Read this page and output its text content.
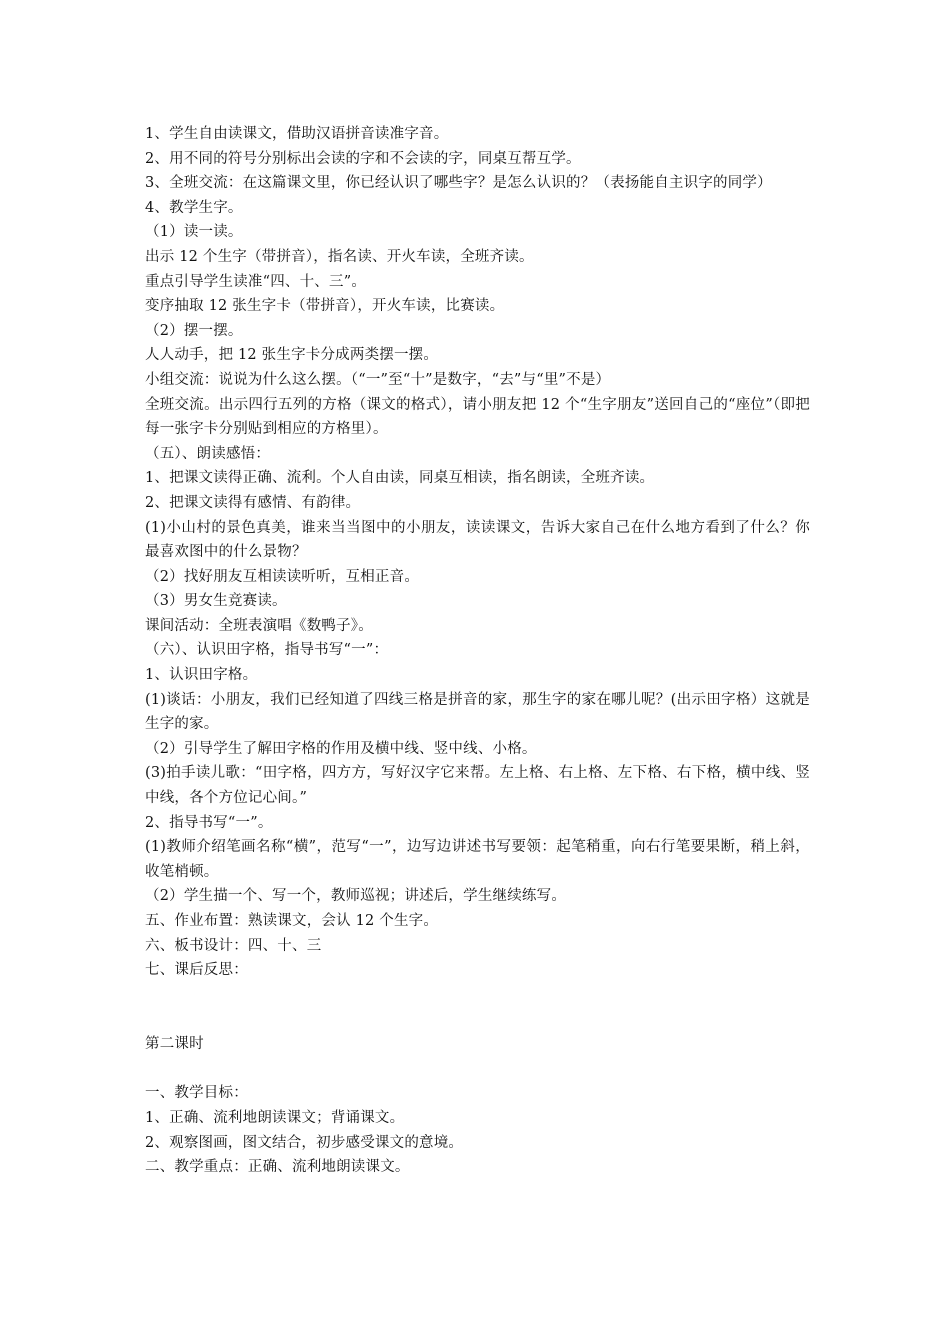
1、学生自由读课文，借助汉语拼音读准字音。

2、用不同的符号分别标出会读的字和不会读的字，同桌互帮互学。

3、全班交流：在这篇课文里，你已经认识了哪些字？是怎么认识的？（表扬能自主识字的同学）

4、教学生字。

（1）读一读。

出示 12 个生字（带拼音），指名读、开火车读，全班齐读。

重点引导学生读准“四、十、三”。

变序抽取 12 张生字卡（带拼音），开火车读，比赛读。

（2）摆一摆。

人人动手，把 12 张生字卡分成两类摆一摆。

小组交流：说说为什么这么摆。（“一”至“十”是数字，“去”与“里”不是）

全班交流。出示四行五列的方格（课文的格式），请小朋友把 12 个“生字朋友”送回自己的“座位”（即把每一张字卡分别贴到相应的方格里）。

（五）、朗读感悟：

1、把课文读得正确、流利。个人自由读，同桌互相读，指名朗读，全班齐读。

2、把课文读得有感情、有韵律。

(1)小山村的景色真美，谁来当当图中的小朋友，读读课文，告诉大家自己在什么地方看到了什么？你最喜欢图中的什么景物？

（2）找好朋友互相读读听听，互相正音。

（3）男女生竞赛读。

课间活动：全班表演唱《数鸭子》。

（六）、认识田字格，指导书写“一”：

1、认识田字格。

(1)谈话：小朋友，我们已经知道了四线三格是拼音的家，那生字的家在哪儿呢？(出示田字格）这就是生字的家。

（2）引导学生了解田字格的作用及横中线、竖中线、小格。

(3)拍手读儿歌：“田字格，四方方，写好汉字它来帮。左上格、右上格、左下格、右下格，横中线、竖中线，各个方位记心间。”

2、指导书写“一”。

(1)教师介绍笔画名称“横”，范写“一”，边写边讲述书写要领：起笔稍重，向右行笔要果断，稍上斜，收笔梢顿。

（2）学生描一个、写一个，教师巡视；讲述后，学生继续练写。

五、作业布置：熟读课文，会认 12 个生字。

六、板书设计：四、十、三

七、课后反思：

第二课时

一、教学目标：

1、正确、流利地朗读课文；背诵课文。

2、观察图画，图文结合，初步感受课文的意境。

二、教学重点：正确、流利地朗读课文。
